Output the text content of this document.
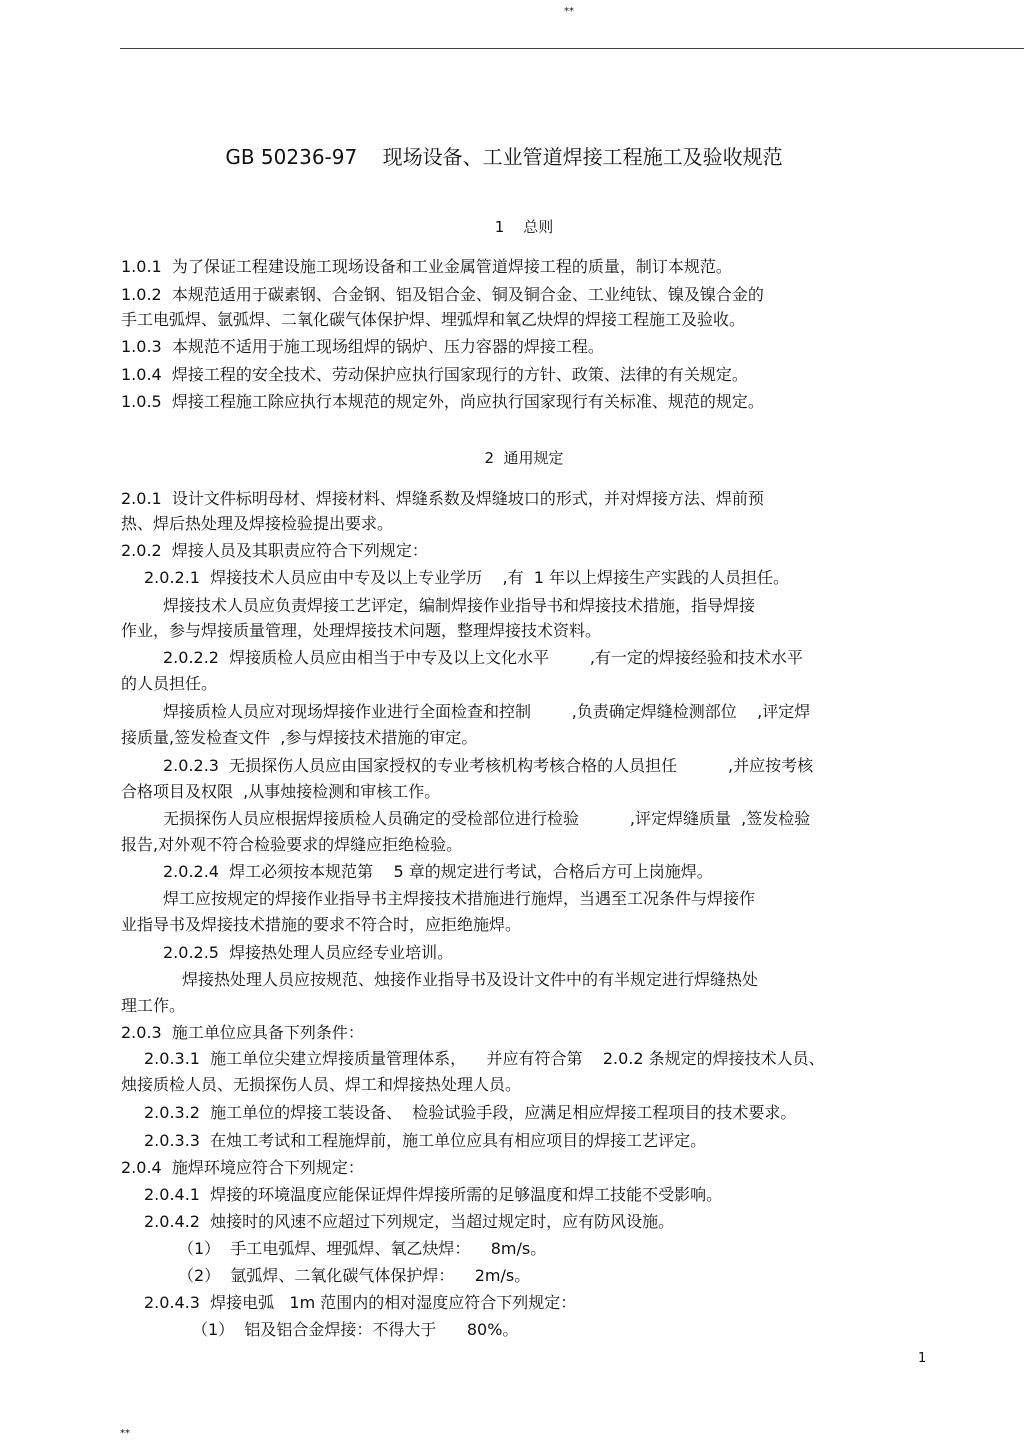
**
GB 50236-97    现场设备、工业管道焊接工程施工及验收规范
1    总则
1.0.1  为了保证工程建设施工现场设备和工业金属管道焊接工程的质量，制订本规范。
1.0.2  本规范适用于碳素钢、合金钢、铝及铝合金、铜及铜合金、工业纯钛、镍及镍合金的
手工电弧焊、氩弧焊、二氧化碳气体保护焊、埋弧焊和氧乙炔焊的焊接工程施工及验收。
1.0.3  本规范不适用于施工现场组焊的锅炉、压力容器的焊接工程。
1.0.4  焊接工程的安全技术、劳动保护应执行国家现行的方针、政策、法律的有关规定。
1.0.5  焊接工程施工除应执行本规范的规定外，尚应执行国家现行有关标准、规范的规定。
2  通用规定
2.0.1  设计文件标明母材、焊接材料、焊缝系数及焊缝坡口的形式，并对焊接方法、焊前预
热、焊后热处理及焊接检验提出要求。
2.0.2  焊接人员及其职责应符合下列规定：
2.0.2.1  焊接技术人员应由中专及以上专业学历    ,有  1 年以上焊接生产实践的人员担任。
焊接技术人员应负责焊接工艺评定，编制焊接作业指导书和焊接技术措施，指导焊接
作业，参与焊接质量管理，处理焊接技术问题，整理焊接技术资料。
2.0.2.2  焊接质检人员应由相当于中专及以上文化水平        ,有一定的焊接经验和技术水平
的人员担任。
焊接质检人员应对现场焊接作业进行全面检查和控制        ,负责确定焊缝检测部位    ,评定焊
接质量,签发检查文件  ,参与焊接技术措施的审定。
2.0.2.3  无损探伤人员应由国家授权的专业考核机构考核合格的人员担任          ,并应按考核
合格项目及权限  ,从事烛接检测和审核工作。
无损探伤人员应根据焊接质检人员确定的受检部位进行检验          ,评定焊缝质量  ,签发检验
报告,对外观不符合检验要求的焊缝应拒绝检验。
2.0.2.4  焊工必须按本规范第    5 章的规定进行考试，合格后方可上岗施焊。
焊工应按规定的焊接作业指导书主焊接技术措施进行施焊，当遇至工况条件与焊接作
业指导书及焊接技术措施的要求不符合时，应拒绝施焊。
2.0.2.5  焊接热处理人员应经专业培训。
焊接热处理人员应按规范、烛接作业指导书及设计文件中的有半规定进行焊缝热处
理工作。
2.0.3  施工单位应具备下列条件：
2.0.3.1  施工单位尖建立焊接质量管理体系，    并应有符合第    2.0.2 条规定的焊接技术人员、
烛接质检人员、无损探伤人员、焊工和焊接热处理人员。
2.0.3.2  施工单位的焊接工装设备、  检验试验手段，应满足相应焊接工程项目的技术要求。
2.0.3.3  在烛工考试和工程施焊前，施工单位应具有相应项目的焊接工艺评定。
2.0.4  施焊环境应符合下列规定：
2.0.4.1  焊接的环境温度应能保证焊件焊接所需的足够温度和焊工技能不受影响。
2.0.4.2  烛接时的风速不应超过下列规定，当超过规定时，应有防风设施。
（1）  手工电弧焊、埋弧焊、氧乙炔焊：    8m/s。
（2）  氩弧焊、二氧化碳气体保护焊：    2m/s。
2.0.4.3  焊接电弧   1m 范围内的相对湿度应符合下列规定：
（1）  铝及铝合金焊接：不得大于      80%。
1
**
